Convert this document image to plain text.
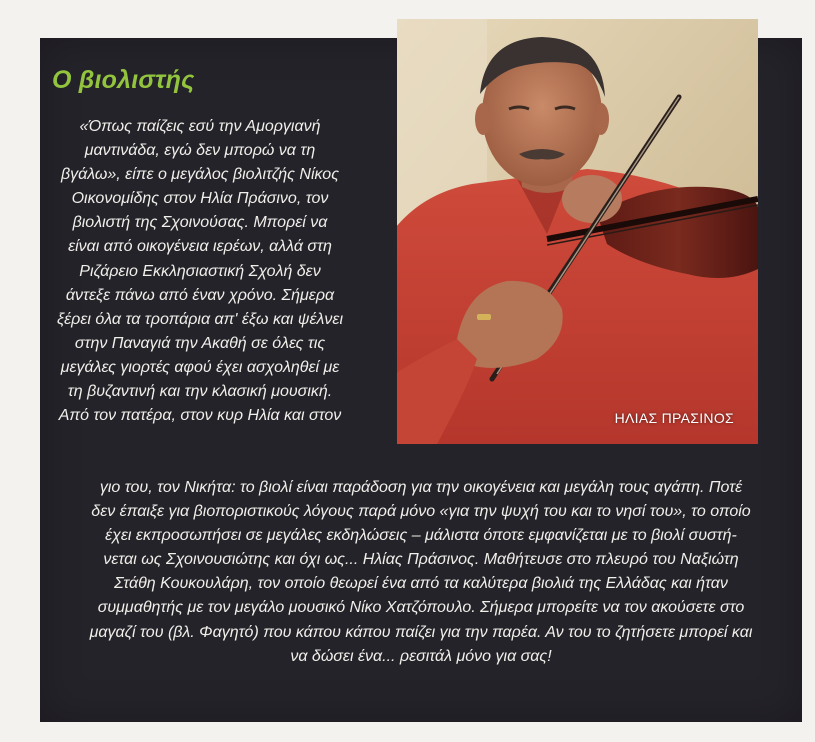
Ο βιολιστής
«Όπως παίζεις εσύ την Αμοργιανή
μαντινάδα, εγώ δεν μπορώ να τη
βγάλω», είπε ο μεγάλος βιολιτζής Νίκος
Οικονομίδης στον Ηλία Πράσινο, τον
βιολιστή της Σχοινούσας. Μπορεί να
είναι από οικογένεια ιερέων, αλλά στη
Ριζάρειο Εκκλησιαστική Σχολή δεν
άντεξε πάνω από έναν χρόνο. Σήμερα
ξέρει όλα τα τροπάρια απ' έξω και ψέλνει
στην Παναγιά την Ακαθή σε όλες τις
μεγάλες γιορτές αφού έχει ασχοληθεί με
τη βυζαντινή και την κλασική μουσική.
Από τον πατέρα, στον κυρ Ηλία και στον
γιο του, τον Νικήτα: το βιολί είναι παράδοση για την οικογένεια και μεγάλη τους αγάπη. Ποτέ
δεν έπαιξε για βιοποριστικούς λόγους παρά μόνο «για την ψυχή του και το νησί του», το οποίο
έχει εκπροσωπήσει σε μεγάλες εκδηλώσεις – μάλιστα όποτε εμφανίζεται με το βιολί συστή-
νεται ως Σχοινουσιώτης και όχι ως... Ηλίας Πράσινος. Μαθήτευσε στο πλευρό του Ναξιώτη
Στάθη Κουκουλάρη, τον οποίο θεωρεί ένα από τα καλύτερα βιολιά της Ελλάδας και ήταν
συμμαθητής με τον μεγάλο μουσικό Νίκο Χατζόπουλο. Σήμερα μπορείτε να τον ακούσετε στο
μαγαζί του (βλ. Φαγητό) που κάπου κάπου παίζει για την παρέα. Αν του το ζητήσετε μπορεί και
να δώσει ένα... ρεσιτάλ μόνο για σας!
ΗΛΙΑΣ ΠΡΑΣΙΝΟΣ
